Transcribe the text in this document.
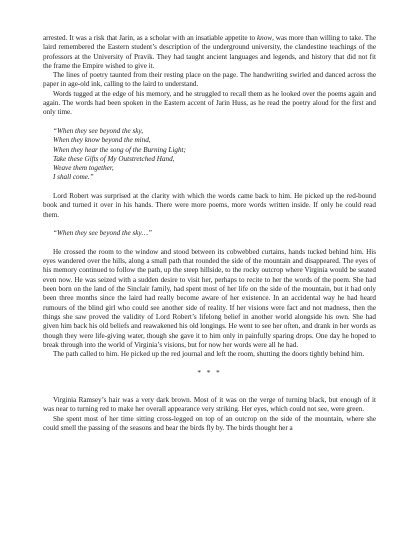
arrested. It was a risk that Jarin, as a scholar with an insatiable appetite to know, was more than willing to take. The laird remembered the Eastern student’s description of the underground university, the clandestine teachings of the professors at the University of Pravik. They had taught ancient languages and legends, and history that did not fit the frame the Empire wished to give it.

The lines of poetry taunted from their resting place on the page. The handwriting swirled and danced across the paper in age-old ink, calling to the laird to understand.

Words tugged at the edge of his memory, and he struggled to recall them as he looked over the poems again and again. The words had been spoken in the Eastern accent of Jarin Huss, as he read the poetry aloud for the first and only time.

“When they see beyond the sky,
When they know beyond the mind,
When they hear the song of the Burning Light;
Take these Gifts of My Outstretched Hand,
Weave them together,
I shall come.”

Lord Robert was surprised at the clarity with which the words came back to him. He picked up the red-bound book and turned it over in his hands. There were more poems, more words written inside. If only he could read them.

“When they see beyond the sky…”

He crossed the room to the window and stood between its cobwebbed curtains, hands tucked behind him. His eyes wandered over the hills, along a small path that rounded the side of the mountain and disappeared. The eyes of his memory continued to follow the path, up the steep hillside, to the rocky outcrop where Virginia would be seated even now. He was seized with a sudden desire to visit her, perhaps to recite to her the words of the poem. She had been born on the land of the Sinclair family, had spent most of her life on the side of the mountain, but it had only been three months since the laird had really become aware of her existence. In an accidental way he had heard rumours of the blind girl who could see another side of reality. If her visions were fact and not madness, then the things she saw proved the validity of Lord Robert’s lifelong belief in another world alongside his own. She had given him back his old beliefs and reawakened his old longings. He went to see her often, and drank in her words as though they were life-giving water, though she gave it to him only in painfully sparing drops. One day he hoped to break through into the world of Virginia’s visions, but for now her words were all he had.

The path called to him. He picked up the red journal and left the room, shutting the doors tightly behind him.

* * *

Virginia Ramsey’s hair was a very dark brown. Most of it was on the verge of turning black, but enough of it was near to turning red to make her overall appearance very striking. Her eyes, which could not see, were green.

She spent most of her time sitting cross-legged on top of an outcrop on the side of the mountain, where she could smell the passing of the seasons and hear the birds fly by. The birds thought her a
